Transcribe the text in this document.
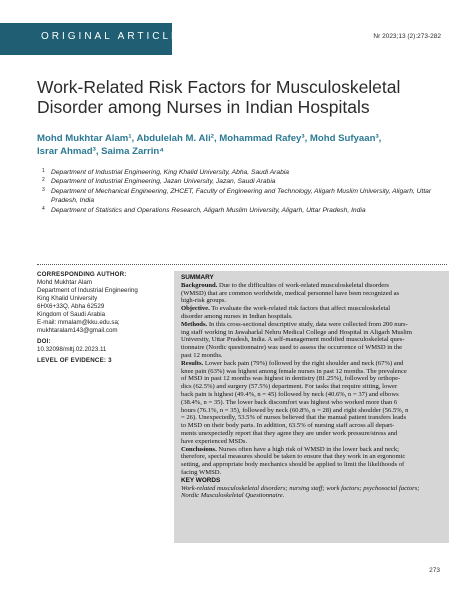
ORIGINAL ARTICLE	Nr 2023;13 (2):273-282
Work-Related Risk Factors for Musculoskeletal
Disorder among Nurses in Indian Hospitals
Mohd Mukhtar Alam¹, Abdulelah M. Ali², Mohammad Rafey³, Mohd Sufyaan³,
Israr Ahmad³, Saima Zarrin⁴
1 Department of Industrial Engineering, King Khalid University, Abha, Saudi Arabia
2 Department of Industrial Engineering, Jazan University, Jazan, Saudi Arabia
3 Department of Mechanical Engineering, ZHCET, Faculty of Engineering and Technology, Aligarh Muslim University, Aligarh, Uttar Pradesh, India
4 Department of Statistics and Operations Research, Aligarh Muslim University, Aligarh, Uttar Pradesh, India
CORRESPONDING AUTHOR:
Mohd Mukhtar Alam
Department of Industrial Engineering
King Khalid University
6HX6+33Q, Abha 62529
Kingdom of Saudi Arabia
E-mail: mmalam@kku.edu.sa;
mukhtaralam143@gmail.com
DOI:
10.32098/mltj.02.2023.11
LEVEL OF EVIDENCE: 3
SUMMARY
Background. Due to the difficulties of work-related musculoskeletal disorders
(WMSD) that are common worldwide, medical personnel have been recognized as
high-risk groups.
Objective. To evaluate the work-related risk factors that affect musculoskeletal
disorder among nurses in Indian hospitals.
Methods. In this cross-sectional descriptive study, data were collected from 200 nurs-
ing staff working in Jawaharlal Nehru Medical College and Hospital in Aligarh Muslim
University, Uttar Pradesh, India. A self-management modified musculoskeletal ques-
tionnaire (Nordic questionnaire) was used to assess the occurrence of WMSD in the
past 12 months.
Results. Lower back pain (79%) followed by the right shoulder and neck (67%) and
knee pain (63%) was highest among female nurses in past 12 months. The prevalence
of MSD in past 12 months was highest in dentistry (81.25%), followed by orthope-
dics (62.5%) and surgery (57.5%) department. For tasks that require sitting, lower
back pain is highest (49.4%, n = 45) followed by neck (40.6%, n = 37) and elbows
(38.4%, n = 35). The lower back discomfort was highest who worked more than 6
hours (76.1%, n = 35), followed by neck (60.8%, n = 28) and right shoulder (56.5%, n
= 26). Unexpectedly, 53.5% of nurses believed that the manual patient transfers leads
to MSD on their body parts. In addition, 63.5% of nursing staff across all depart-
ments unexpectedly report that they agree they are under work pressure/stress and
have experienced MSDs.
Conclusions. Nurses often have a high risk of WMSD in the lower back and neck;
therefore, special measures should be taken to ensure that they work in an ergonomic
setting, and appropriate body mechanics should be applied to limit the likelihoods of
facing WMSD.
KEY WORDS
Work-related musculoskeletal disorders; nursing staff; work factors; psychosocial factors;
Nordic Musculoskeletal Questionnaire.
273
